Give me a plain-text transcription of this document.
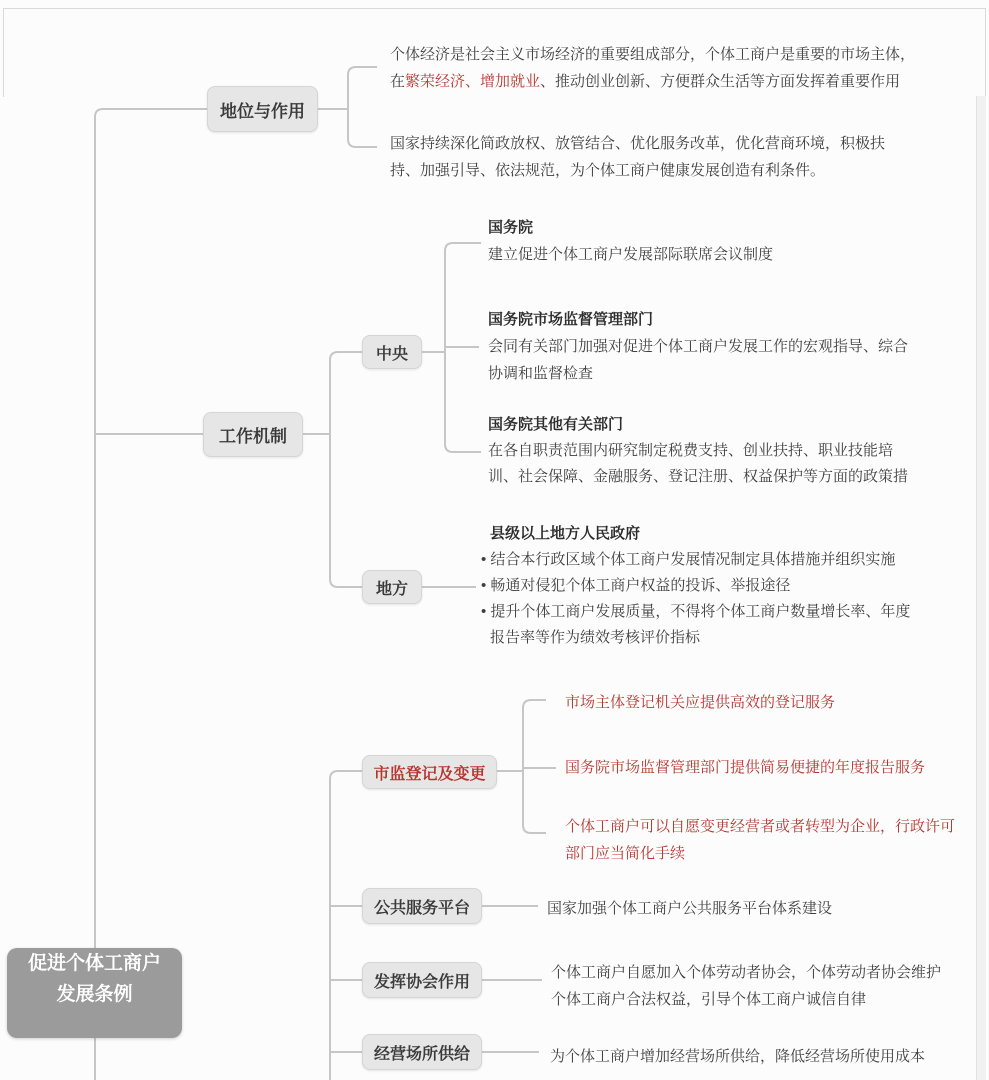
促进个体工商户
发展条例
地位与作用
工作机制
中央
地方
市监登记及变更
公共服务平台
发挥协会作用
经营场所供给
个体经济是社会主义市场经济的重要组成部分，个体工商户是重要的市场主体，
在繁荣经济、增加就业、推动创业创新、方便群众生活等方面发挥着重要作用
国家持续深化简政放权、放管结合、优化服务改革，优化营商环境，积极扶
持、加强引导、依法规范，为个体工商户健康发展创造有利条件。
国务院
建立促进个体工商户发展部际联席会议制度
国务院市场监督管理部门
会同有关部门加强对促进个体工商户发展工作的宏观指导、综合
协调和监督检查
国务院其他有关部门
在各自职责范围内研究制定税费支持、创业扶持、职业技能培
训、社会保障、金融服务、登记注册、权益保护等方面的政策措
县级以上地方人民政府
• 结合本行政区域个体工商户发展情况制定具体措施并组织实施
• 畅通对侵犯个体工商户权益的投诉、举报途径
• 提升个体工商户发展质量，不得将个体工商户数量增长率、年度
报告率等作为绩效考核评价指标
市场主体登记机关应提供高效的登记服务
国务院市场监督管理部门提供简易便捷的年度报告服务
个体工商户可以自愿变更经营者或者转型为企业，行政许可
部门应当简化手续
国家加强个体工商户公共服务平台体系建设
个体工商户自愿加入个体劳动者协会，个体劳动者协会维护
个体工商户合法权益，引导个体工商户诚信自律
为个体工商户增加经营场所供给，降低经营场所使用成本
